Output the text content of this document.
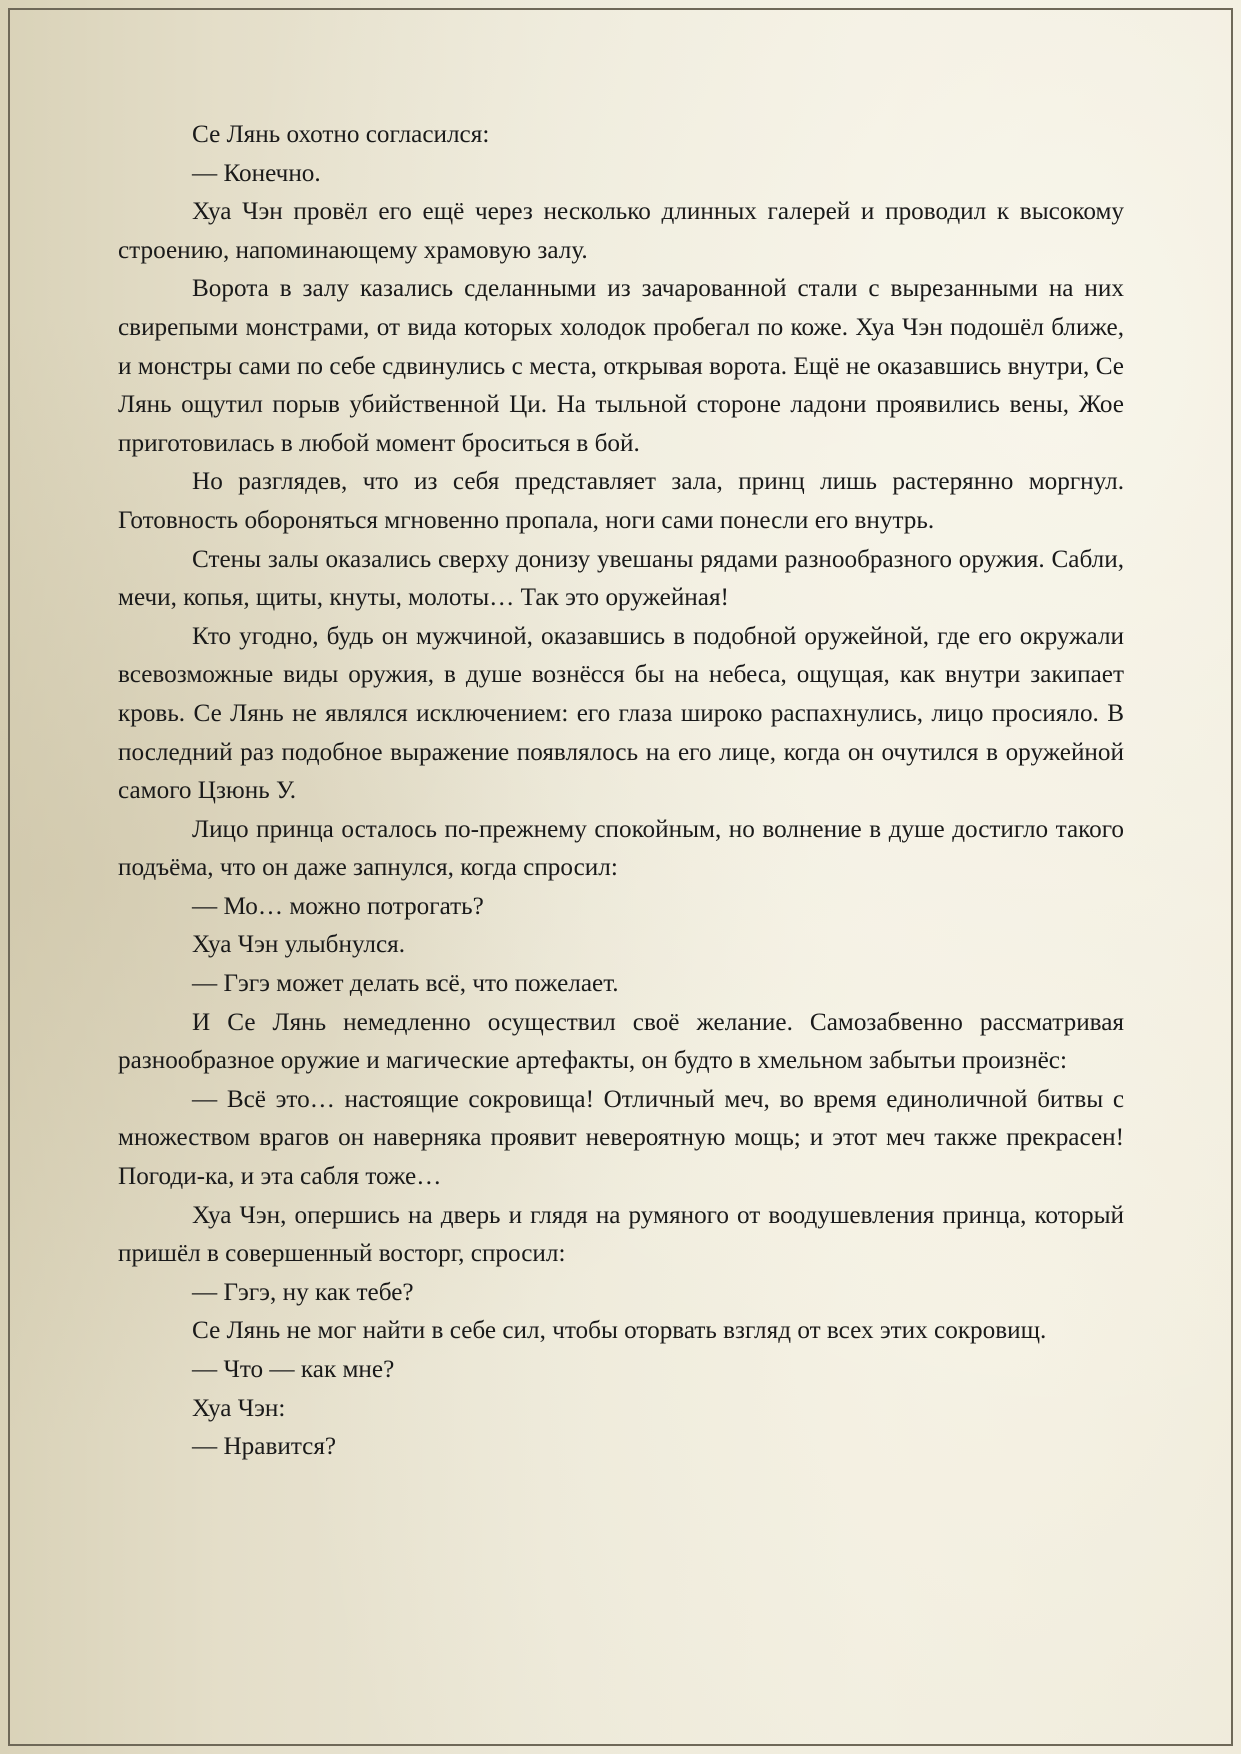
Се Лянь охотно согласился:

— Конечно.

Хуа Чэн провёл его ещё через несколько длинных галерей и проводил к высокому строению, напоминающему храмовую залу.

Ворота в залу казались сделанными из зачарованной стали с вырезанными на них свирепыми монстрами, от вида которых холодок пробегал по коже. Хуа Чэн подошёл ближе, и монстры сами по себе сдвинулись с места, открывая ворота. Ещё не оказавшись внутри, Се Лянь ощутил порыв убийственной Ци. На тыльной стороне ладони проявились вены, Жое приготовилась в любой момент броситься в бой.

Но разглядев, что из себя представляет зала, принц лишь растерянно моргнул. Готовность обороняться мгновенно пропала, ноги сами понесли его внутрь.

Стены залы оказались сверху донизу увешаны рядами разнообразного оружия. Сабли, мечи, копья, щиты, кнуты, молоты… Так это оружейная!

Кто угодно, будь он мужчиной, оказавшись в подобной оружейной, где его окружали всевозможные виды оружия, в душе вознёсся бы на небеса, ощущая, как внутри закипает кровь. Се Лянь не являлся исключением: его глаза широко распахнулись, лицо просияло. В последний раз подобное выражение появлялось на его лице, когда он очутился в оружейной самого Цзюнь У.

Лицо принца осталось по-прежнему спокойным, но волнение в душе достигло такого подъёма, что он даже запнулся, когда спросил:

— Мо… можно потрогать?

Хуа Чэн улыбнулся.

— Гэгэ может делать всё, что пожелает.

И Се Лянь немедленно осуществил своё желание. Самозабвенно рассматривая разнообразное оружие и магические артефакты, он будто в хмельном забытьи произнёс:

— Всё это… настоящие сокровища! Отличный меч, во время единоличной битвы с множеством врагов он наверняка проявит невероятную мощь; и этот меч также прекрасен! Погоди-ка, и эта сабля тоже…

Хуа Чэн, опершись на дверь и глядя на румяного от воодушевления принца, который пришёл в совершенный восторг, спросил:

— Гэгэ, ну как тебе?

Се Лянь не мог найти в себе сил, чтобы оторвать взгляд от всех этих сокровищ.

— Что — как мне?

Хуа Чэн:

— Нравится?
